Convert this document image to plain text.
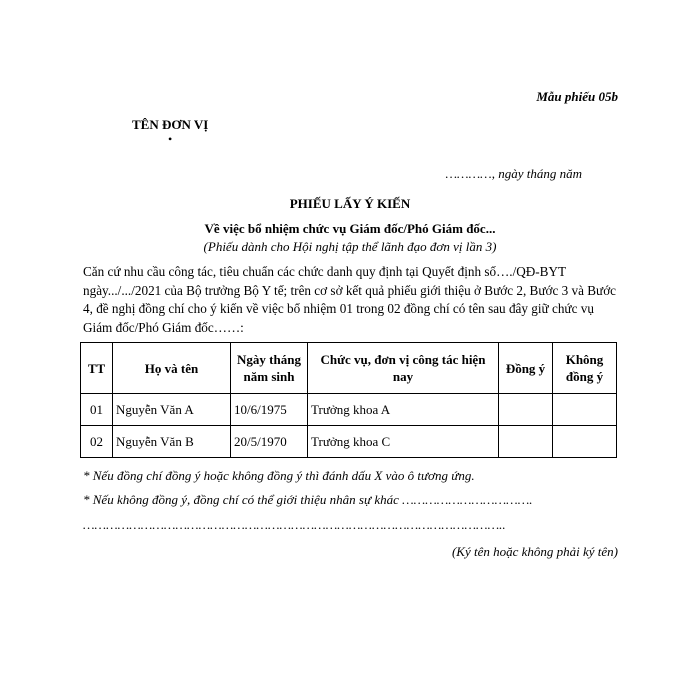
Mẫu phiếu 05b
TÊN ĐƠN VỊ
•
…………, ngày tháng năm
PHIẾU LẤY Ý KIẾN
Về việc bổ nhiệm chức vụ Giám đốc/Phó Giám đốc...
(Phiếu dành cho Hội nghị tập thể lãnh đạo đơn vị lần 3)
Căn cứ nhu cầu công tác, tiêu chuẩn các chức danh quy định tại Quyết định số…./QĐ-BYT ngày.../.../2021 của Bộ trưởng Bộ Y tế; trên cơ sở kết quả phiếu giới thiệu ở Bước 2, Bước 3 và Bước 4, đề nghị đồng chí cho ý kiến về việc bổ nhiệm 01 trong 02 đồng chí có tên sau đây giữ chức vụ Giám đốc/Phó Giám đốc……:
TT	Họ và tên	Ngày tháng năm sinh	Chức vụ, đơn vị công tác hiện nay	Đồng ý	Không đồng ý
01	Nguyễn Văn A	10/6/1975	Trưởng khoa A		
02	Nguyễn Văn B	20/5/1970	Trưởng khoa C		
* Nếu đồng chí đồng ý hoặc không đồng ý thì đánh dấu X vào ô tương ứng.
* Nếu không đồng ý, đồng chí có thể giới thiệu nhân sự khác …………………………….
………………………………………………………………………………………………..
(Ký tên hoặc không phải ký tên)
